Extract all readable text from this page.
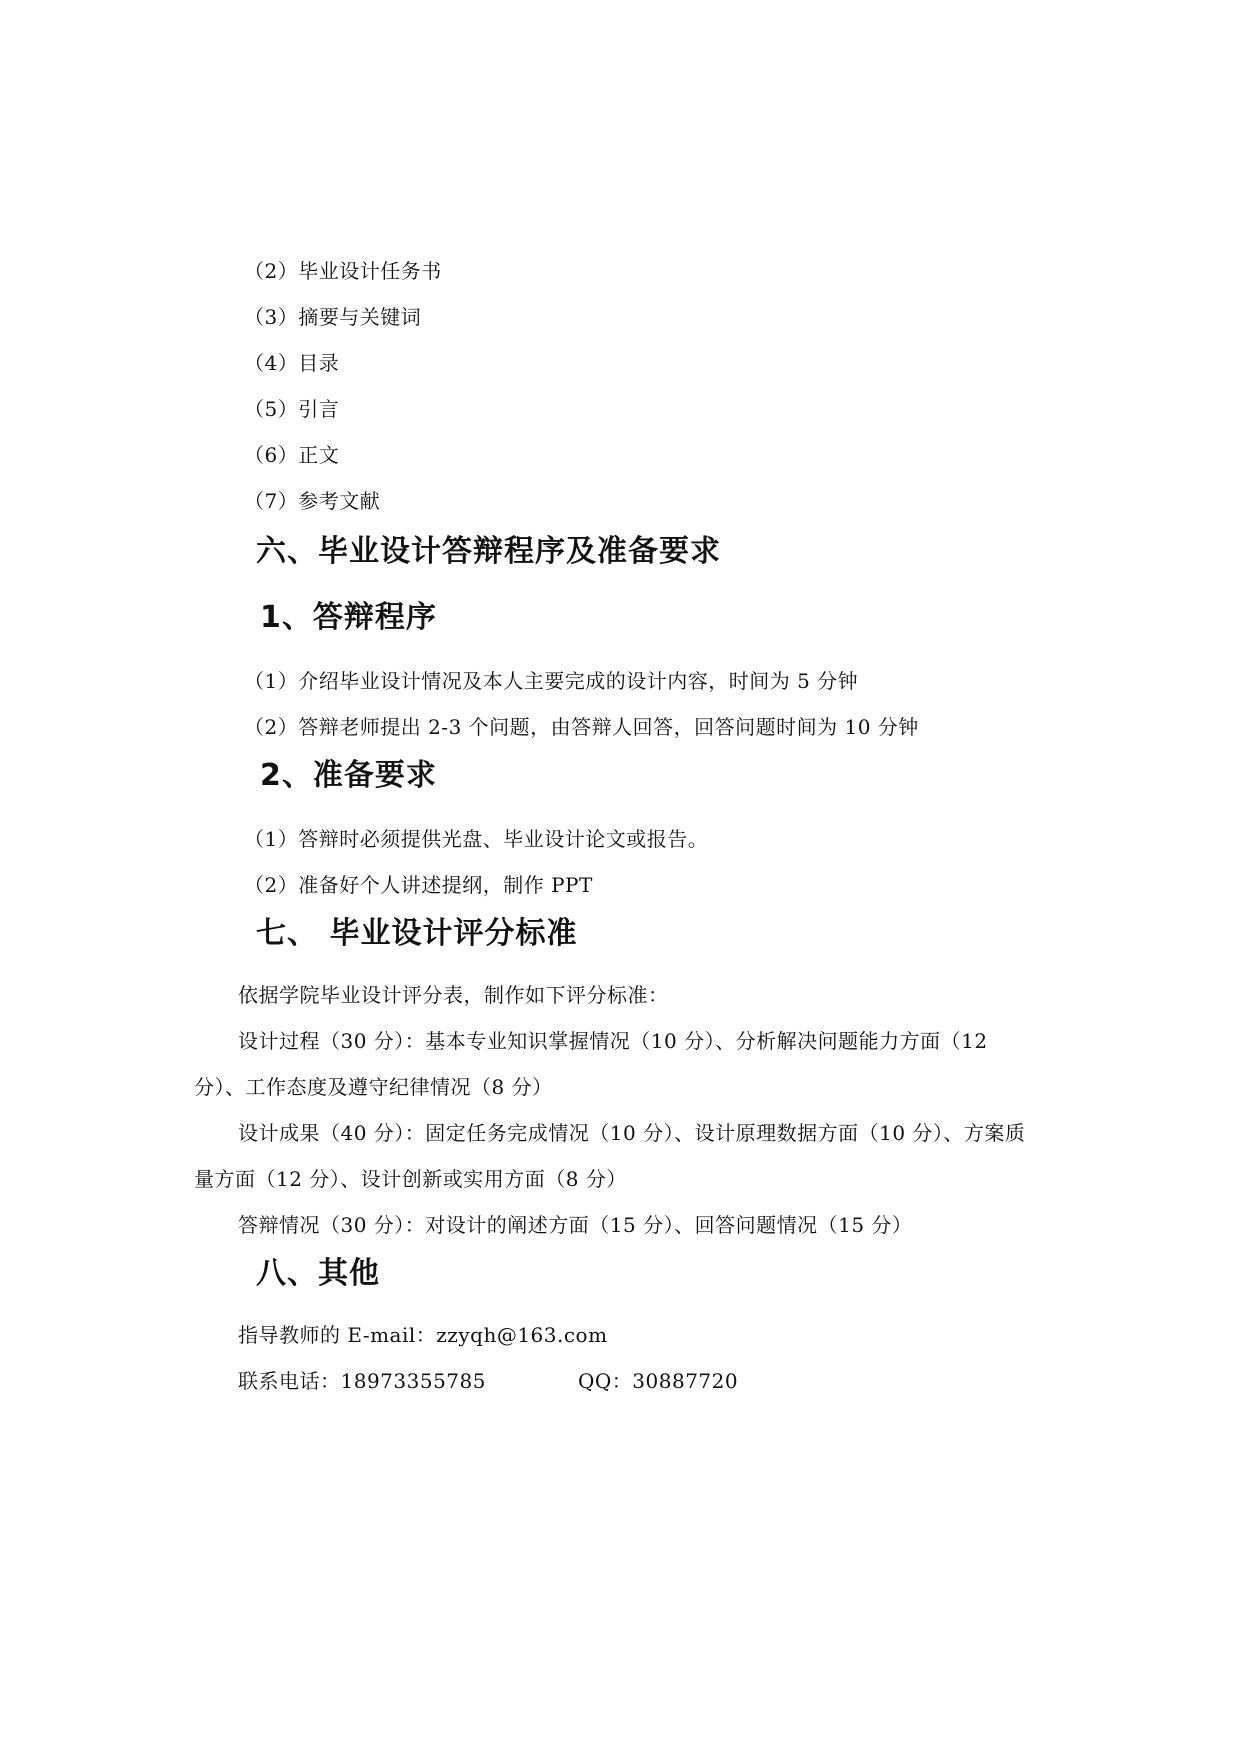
（2）毕业设计任务书
（3）摘要与关键词
（4）目录
（5）引言
（6）正文
（7）参考文献
六、毕业设计答辩程序及准备要求
1、答辩程序
（1）介绍毕业设计情况及本人主要完成的设计内容，时间为 5 分钟
（2）答辩老师提出 2-3 个问题，由答辩人回答，回答问题时间为 10 分钟
2、准备要求
（1）答辩时必须提供光盘、毕业设计论文或报告。
（2）准备好个人讲述提纲，制作 PPT
七、 毕业设计评分标准
依据学院毕业设计评分表，制作如下评分标准：
设计过程（30 分）：基本专业知识掌握情况（10 分）、分析解决问题能力方面（12
分）、工作态度及遵守纪律情况（8 分）
设计成果（40 分）：固定任务完成情况（10 分）、设计原理数据方面（10 分）、方案质
量方面（12 分）、设计创新或实用方面（8 分）
答辩情况（30 分）：对设计的阐述方面（15 分）、回答问题情况（15 分）
八、其他
指导教师的 E-mail：zzyqh@163.com
联系电话：18973355785	QQ：30887720
